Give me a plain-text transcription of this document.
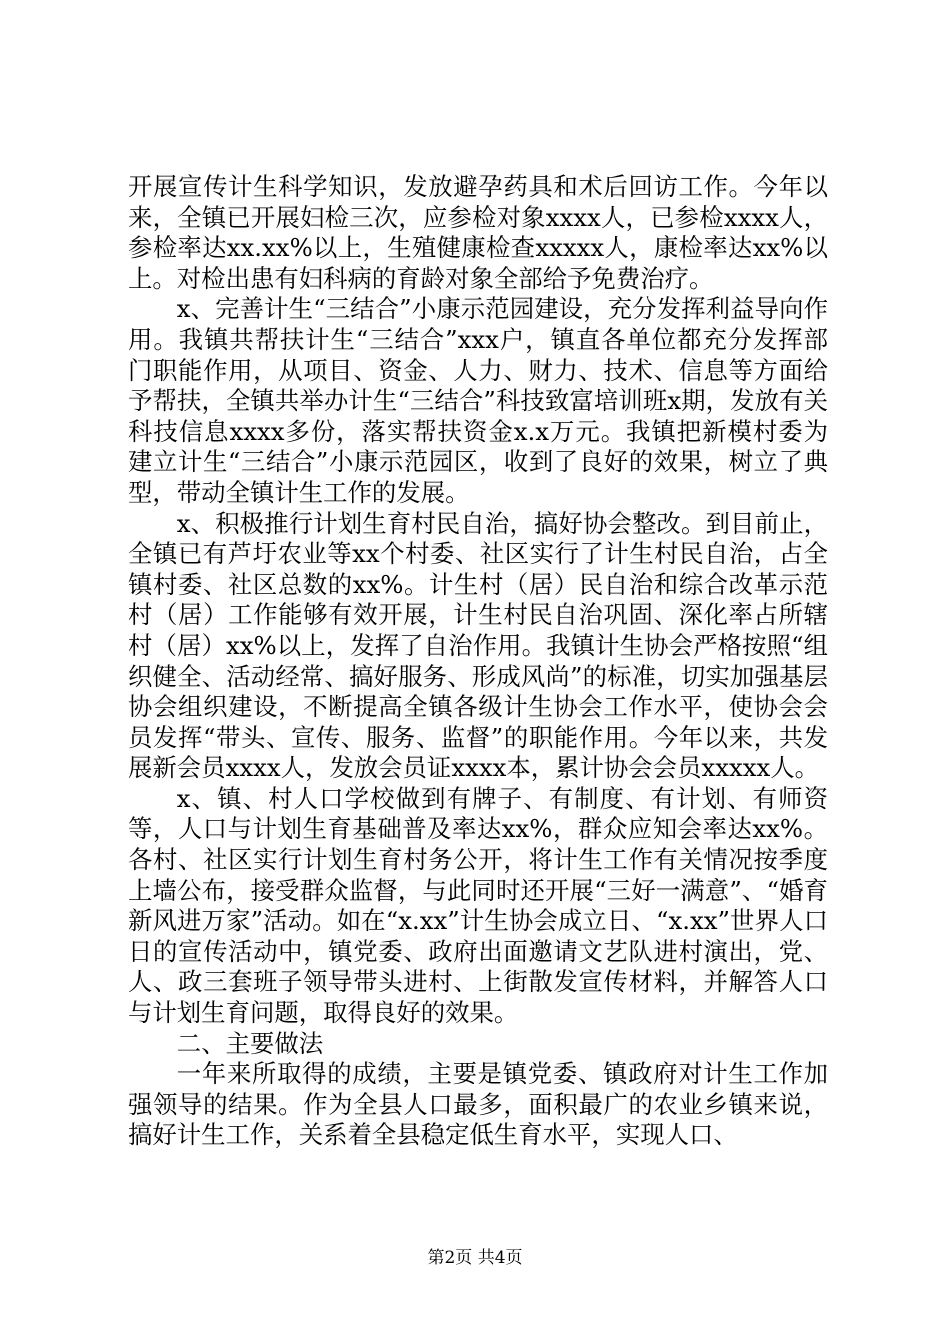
开展宣传计生科学知识，发放避孕药具和术后回访工作。今年以来，全镇已开展妇检三次，应参检对象xxxx人，已参检xxxx人，参检率达xx.xx%以上，生殖健康检查xxxxx人，康检率达xx%以上。对检出患有妇科病的育龄对象全部给予免费治疗。

x、完善计生“三结合”小康示范园建设，充分发挥利益导向作用。我镇共帮扶计生“三结合”xxx户，镇直各单位都充分发挥部门职能作用，从项目、资金、人力、财力、技术、信息等方面给予帮扶，全镇共举办计生“三结合”科技致富培训班x期，发放有关科技信息xxxx多份，落实帮扶资金x.x万元。我镇把新模村委为建立计生“三结合”小康示范园区，收到了良好的效果，树立了典型，带动全镇计生工作的发展。

x、积极推行计划生育村民自治，搞好协会整改。到目前止，全镇已有芦圩农业等xx个村委、社区实行了计生村民自治，占全镇村委、社区总数的xx%。计生村（居）民自治和综合改革示范村（居）工作能够有效开展，计生村民自治巩固、深化率占所辖村（居）xx%以上，发挥了自治作用。我镇计生协会严格按照“组织健全、活动经常、搞好服务、形成风尚”的标准，切实加强基层协会组织建设，不断提高全镇各级计生协会工作水平，使协会会员发挥“带头、宣传、服务、监督”的职能作用。今年以来，共发展新会员xxxx人，发放会员证xxxx本，累计协会会员xxxxx人。

x、镇、村人口学校做到有牌子、有制度、有计划、有师资等，人口与计划生育基础普及率达xx%，群众应知会率达xx%。各村、社区实行计划生育村务公开，将计生工作有关情况按季度上墙公布，接受群众监督，与此同时还开展“三好一满意”、“婚育新风进万家”活动。如在“x.xx”计生协会成立日、“x.xx”世界人口日的宣传活动中，镇党委、政府出面邀请文艺队进村演出，党、人、政三套班子领导带头进村、上街散发宣传材料，并解答人口与计划生育问题，取得良好的效果。

二、主要做法

一年来所取得的成绩，主要是镇党委、镇政府对计生工作加强领导的结果。作为全县人口最多，面积最广的农业乡镇来说，搞好计生工作，关系着全县稳定低生育水平，实现人口、

第2页 共4页
